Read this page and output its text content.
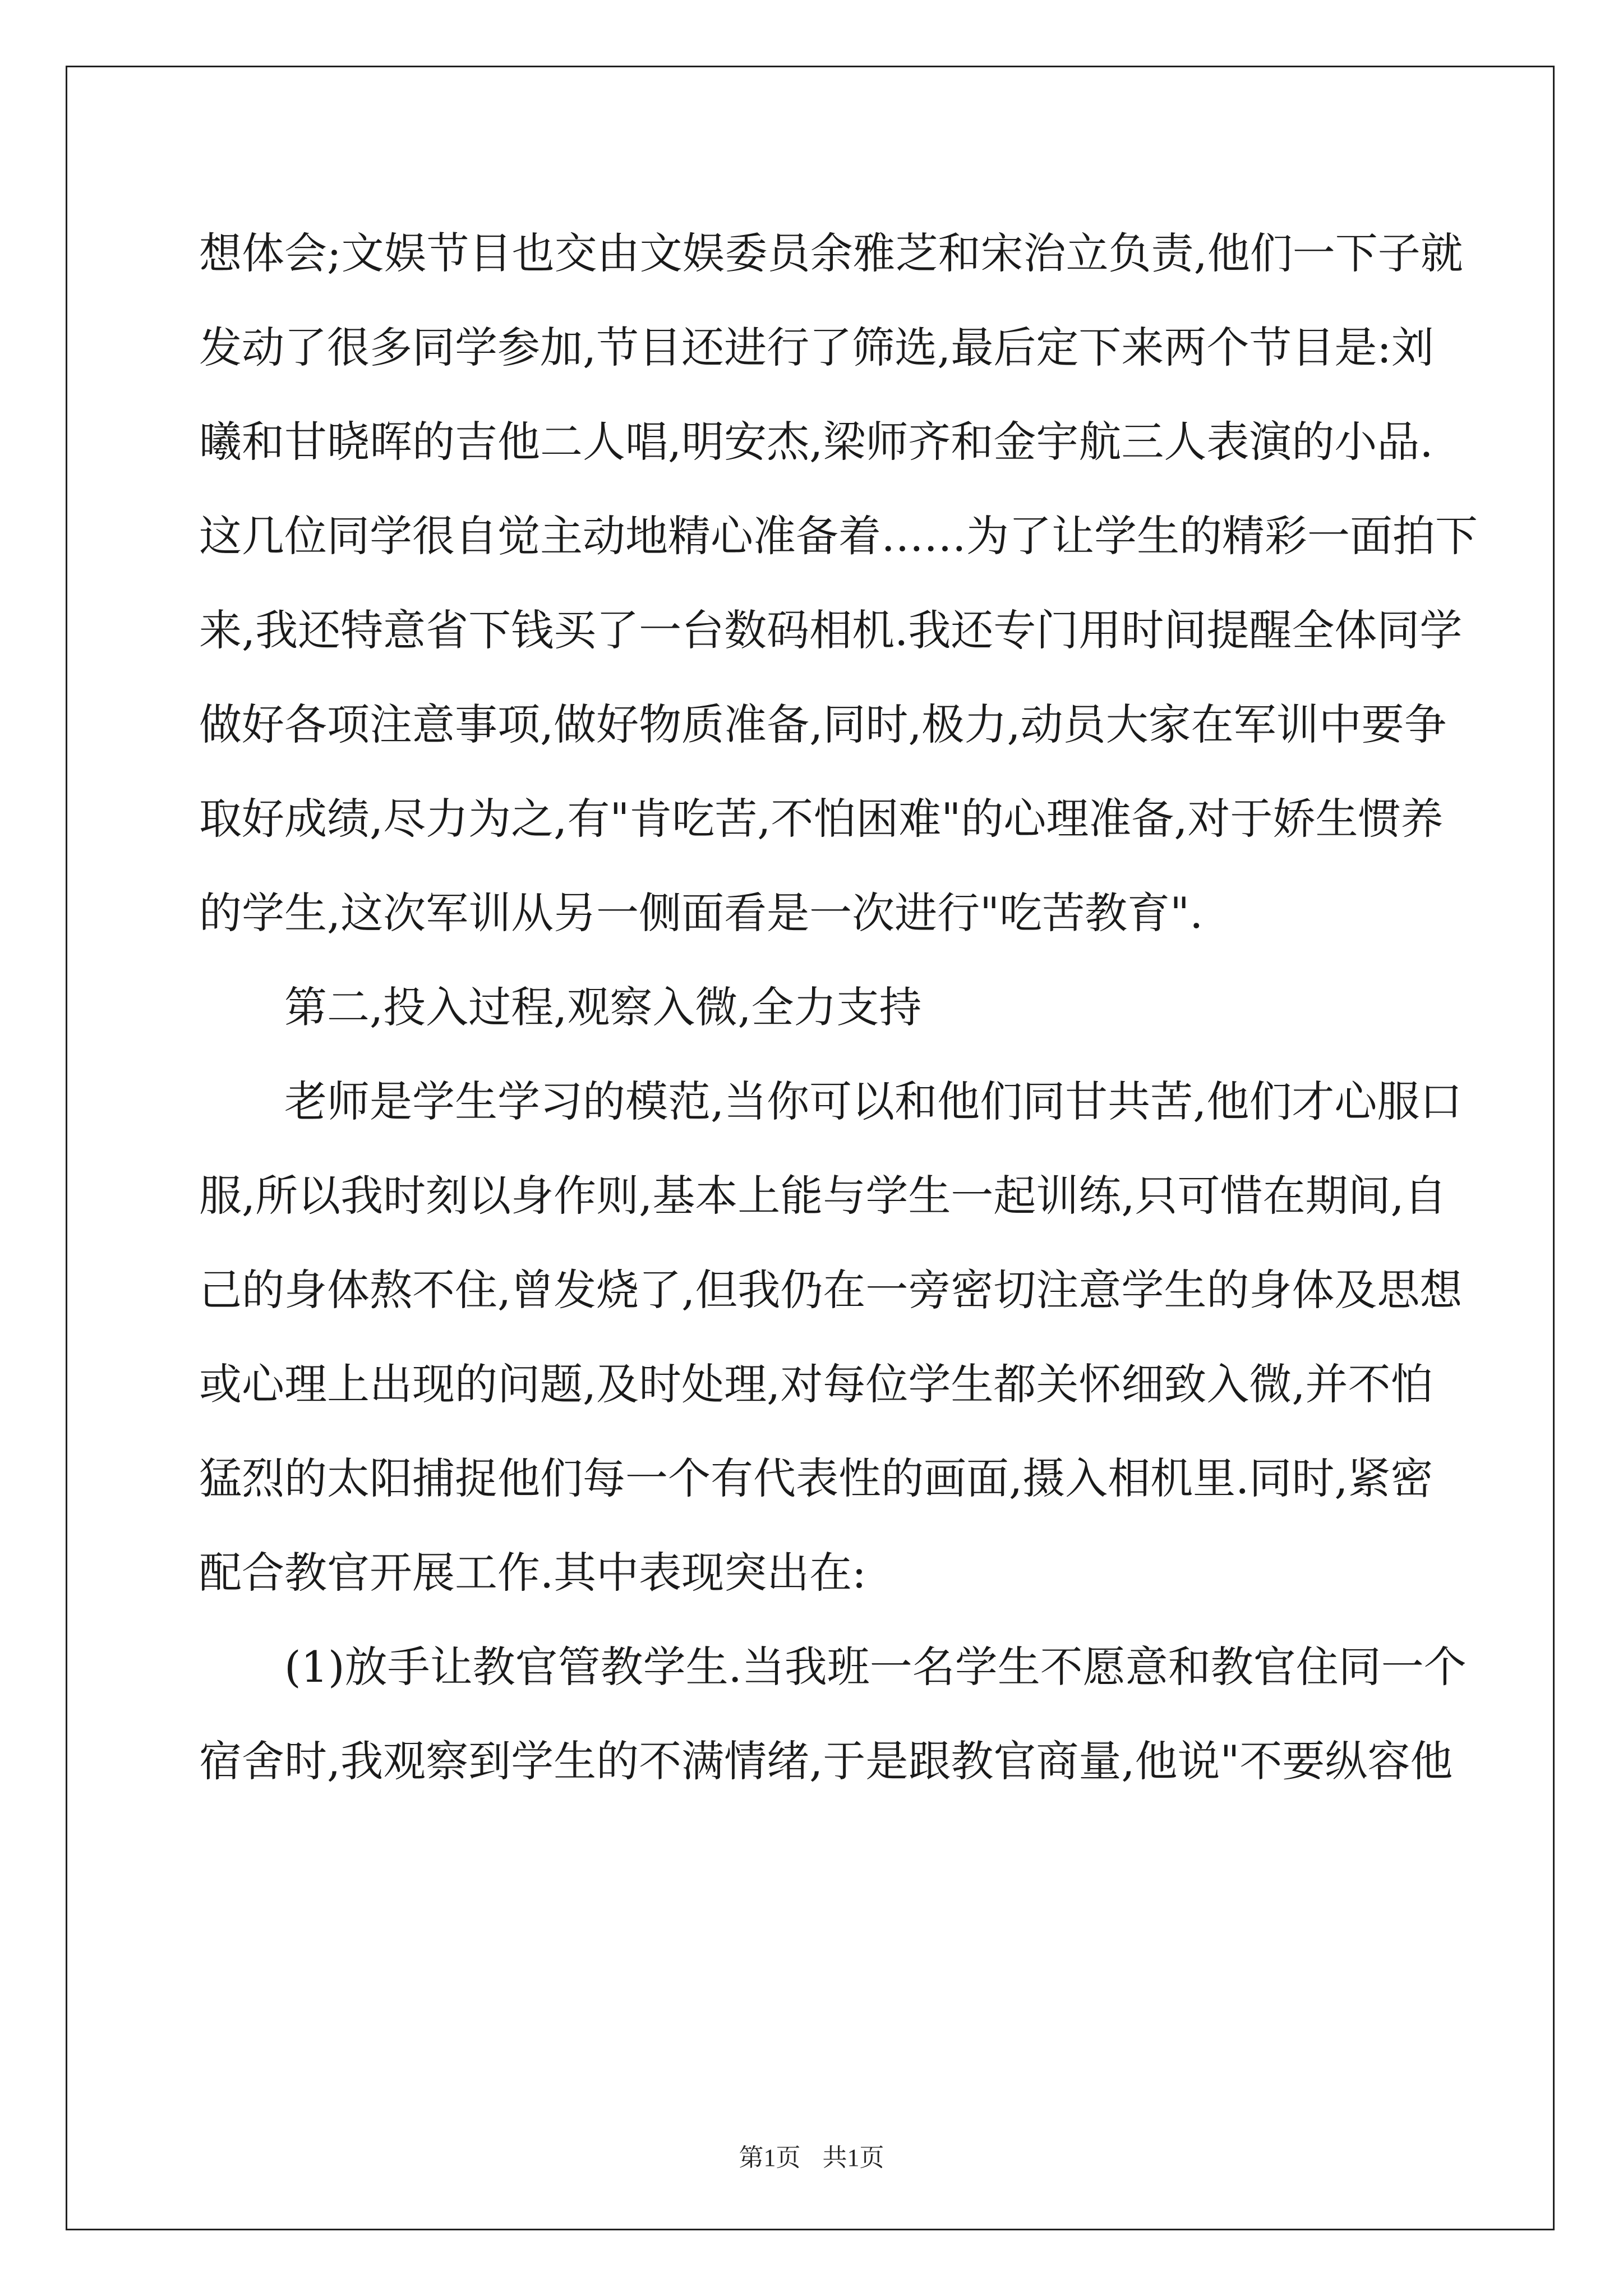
想体会;文娱节目也交由文娱委员余雅芝和宋治立负责,他们一下子就
发动了很多同学参加,节目还进行了筛选,最后定下来两个节目是:刘
曦和甘晓晖的吉他二人唱,明安杰,梁师齐和金宇航三人表演的小品.
这几位同学很自觉主动地精心准备着……为了让学生的精彩一面拍下
来,我还特意省下钱买了一台数码相机.我还专门用时间提醒全体同学
做好各项注意事项,做好物质准备,同时,极力,动员大家在军训中要争
取好成绩,尽力为之,有"肯吃苦,不怕困难"的心理准备,对于娇生惯养
的学生,这次军训从另一侧面看是一次进行"吃苦教育".
第二,投入过程,观察入微,全力支持
老师是学生学习的模范,当你可以和他们同甘共苦,他们才心服口
服,所以我时刻以身作则,基本上能与学生一起训练,只可惜在期间,自
己的身体熬不住,曾发烧了,但我仍在一旁密切注意学生的身体及思想
或心理上出现的问题,及时处理,对每位学生都关怀细致入微,并不怕
猛烈的太阳捕捉他们每一个有代表性的画面,摄入相机里.同时,紧密
配合教官开展工作.其中表现突出在:
(1)放手让教官管教学生.当我班一名学生不愿意和教官住同一个
宿舍时,我观察到学生的不满情绪,于是跟教官商量,他说"不要纵容他
第1页 共1页
